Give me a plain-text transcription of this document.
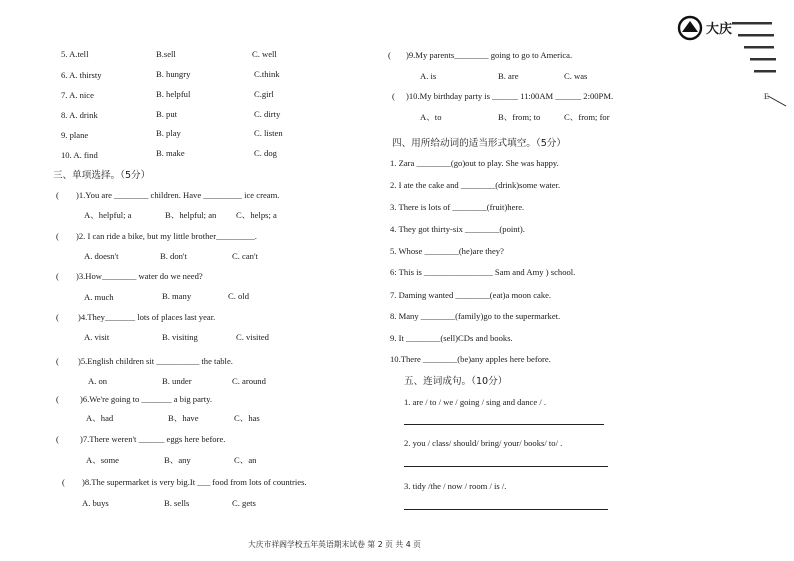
5. A.tell	B.sell	C. well
6. A. thirsty	B. hungry	C.think
7. A. nice	B. helpful	C.girl
8. A. drink	B. put	C. dirty
9. plane	B. play	C. listen
10. A. find	B. make	C. dog
三、单项选择。（5分）
( )1.You are ________ children. Have _________ ice cream.
A、helpful; a	B、helpful; an C、helps; a
( )2. I can ride a bike, but my little brother_________.
A. doesn't	B. don't	C. can't
( )3.How________ water do we need?
A. much	B. many	C. old
( )4.They_______ lots of places last year.
A. visit	B. visiting	C. visited
( )5.English children sit __________ the table.
A. on	B. under	C. around
( )6.We're going to _______ a big party.
A、had	B、have	C、has
( )7.There weren't ______ eggs here before.
A、some	B、any	C、an
( )8.The supermarket is very big.It ___ food from lots of countries.
A. buys	B. sells	C. gets
( )9.My parents________ going to go to America.
A. is	B. are	C. was
( )10.My birthday party is ______ 11:00AM ______ 2:00PM.
A、to	B、from; to	C、from; for
四、用所给动词的适当形式填空。（5分）
1. Zara ________(go)out to play. She was happy.
2. I ate the cake and ________(drink)some water.
3. There is lots of ________(fruit)here.
4. They got thirty-six ________(point).
5. Whose ________(he)are they?
6: This is ________________ Sam and Amy ) school.
7. Daming wanted ________(eat)a moon cake.
8. Many ________(family)go to the supermarket.
9. It ________(sell)CDs and books.
10.There ________(be)any apples here before.
五、连词成句。（10分）
1. are / to / we / going / sing and dance / .
2. you / class/ should/ bring/ your/ books/ to/ .
3. tidy /the / now / room / is /.
大庆
E
大庆市祥阁学校五年英语期末试卷 第 2 页 共 4 页
